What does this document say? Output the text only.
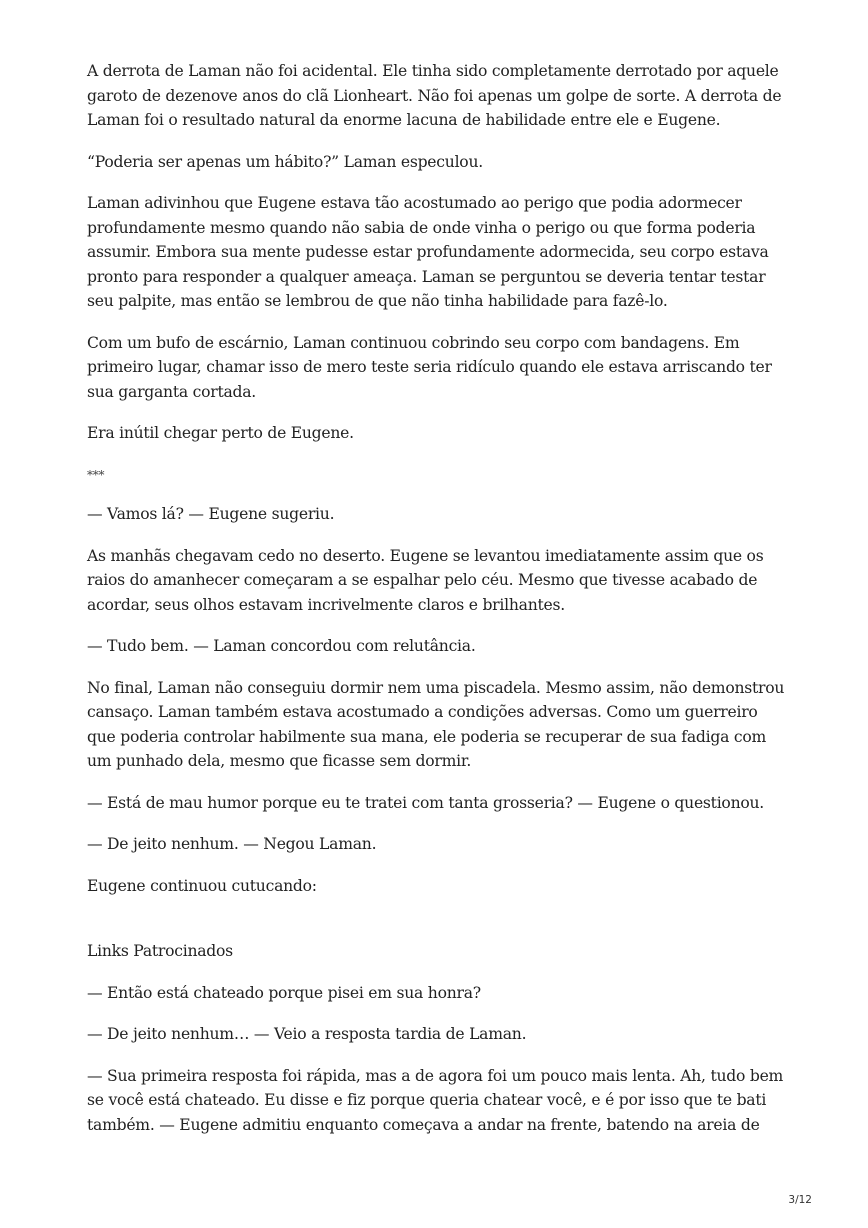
A derrota de Laman não foi acidental. Ele tinha sido completamente derrotado por aquele garoto de dezenove anos do clã Lionheart. Não foi apenas um golpe de sorte. A derrota de Laman foi o resultado natural da enorme lacuna de habilidade entre ele e Eugene.

“Poderia ser apenas um hábito?” Laman especulou.

Laman adivinhou que Eugene estava tão acostumado ao perigo que podia adormecer profundamente mesmo quando não sabia de onde vinha o perigo ou que forma poderia assumir. Embora sua mente pudesse estar profundamente adormecida, seu corpo estava pronto para responder a qualquer ameaça. Laman se perguntou se deveria tentar testar seu palpite, mas então se lembrou de que não tinha habilidade para fazê-lo.

Com um bufo de escárnio, Laman continuou cobrindo seu corpo com bandagens. Em primeiro lugar, chamar isso de mero teste seria ridículo quando ele estava arriscando ter sua garganta cortada.

Era inútil chegar perto de Eugene.

***

— Vamos lá? — Eugene sugeriu.

As manhãs chegavam cedo no deserto. Eugene se levantou imediatamente assim que os raios do amanhecer começaram a se espalhar pelo céu. Mesmo que tivesse acabado de acordar, seus olhos estavam incrivelmente claros e brilhantes.

— Tudo bem. — Laman concordou com relutância.

No final, Laman não conseguiu dormir nem uma piscadela. Mesmo assim, não demonstrou cansaço. Laman também estava acostumado a condições adversas. Como um guerreiro que poderia controlar habilmente sua mana, ele poderia se recuperar de sua fadiga com um punhado dela, mesmo que ficasse sem dormir.

— Está de mau humor porque eu te tratei com tanta grosseria? — Eugene o questionou.

— De jeito nenhum. — Negou Laman.

Eugene continuou cutucando:

Links Patrocinados

— Então está chateado porque pisei em sua honra?

— De jeito nenhum… — Veio a resposta tardia de Laman.

— Sua primeira resposta foi rápida, mas a de agora foi um pouco mais lenta. Ah, tudo bem se você está chateado. Eu disse e fiz porque queria chatear você, e é por isso que te bati também. — Eugene admitiu enquanto começava a andar na frente, batendo na areia de

3/12
